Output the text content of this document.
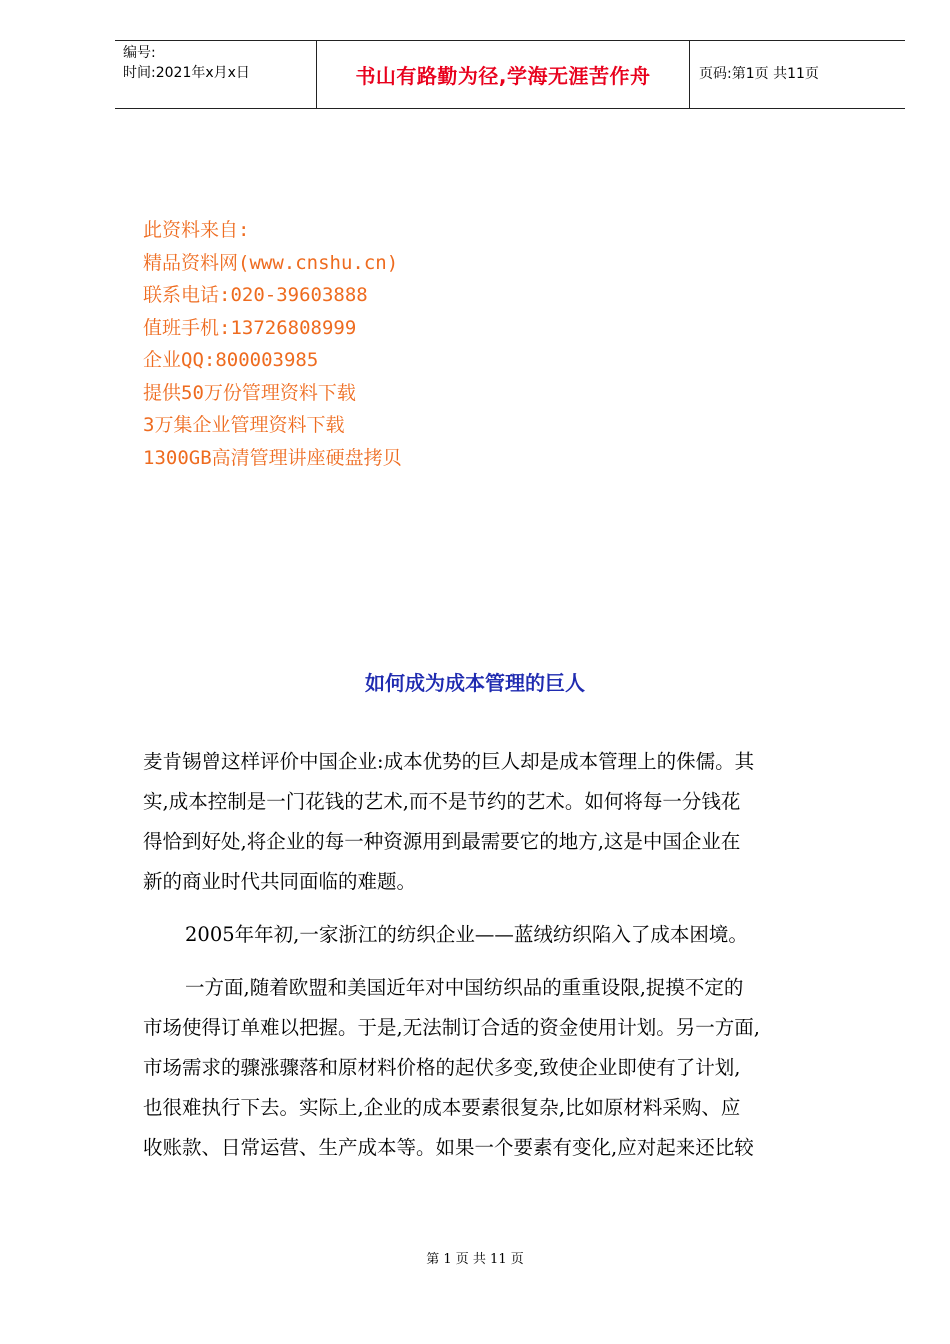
编号:
时间:2021年x月x日	书山有路勤为径,学海无涯苦作舟	页码:第1页 共11页
此资料来自:
精品资料网(www.cnshu.cn)
联系电话:020-39603888
值班手机:13726808999
企业QQ:800003985
提供50万份管理资料下载
3万集企业管理资料下载
1300GB高清管理讲座硬盘拷贝
如何成为成本管理的巨人
麦肯锡曾这样评价中国企业:成本优势的巨人却是成本管理上的侏儒。其
实,成本控制是一门花钱的艺术,而不是节约的艺术。如何将每一分钱花
得恰到好处,将企业的每一种资源用到最需要它的地方,这是中国企业在
新的商业时代共同面临的难题。
2005年年初,一家浙江的纺织企业——蓝绒纺织陷入了成本困境。
一方面,随着欧盟和美国近年对中国纺织品的重重设限,捉摸不定的
市场使得订单难以把握。于是,无法制订合适的资金使用计划。另一方面,
市场需求的骤涨骤落和原材料价格的起伏多变,致使企业即使有了计划,
也很难执行下去。实际上,企业的成本要素很复杂,比如原材料采购、应
收账款、日常运营、生产成本等。如果一个要素有变化,应对起来还比较
第 1 页 共 11 页
